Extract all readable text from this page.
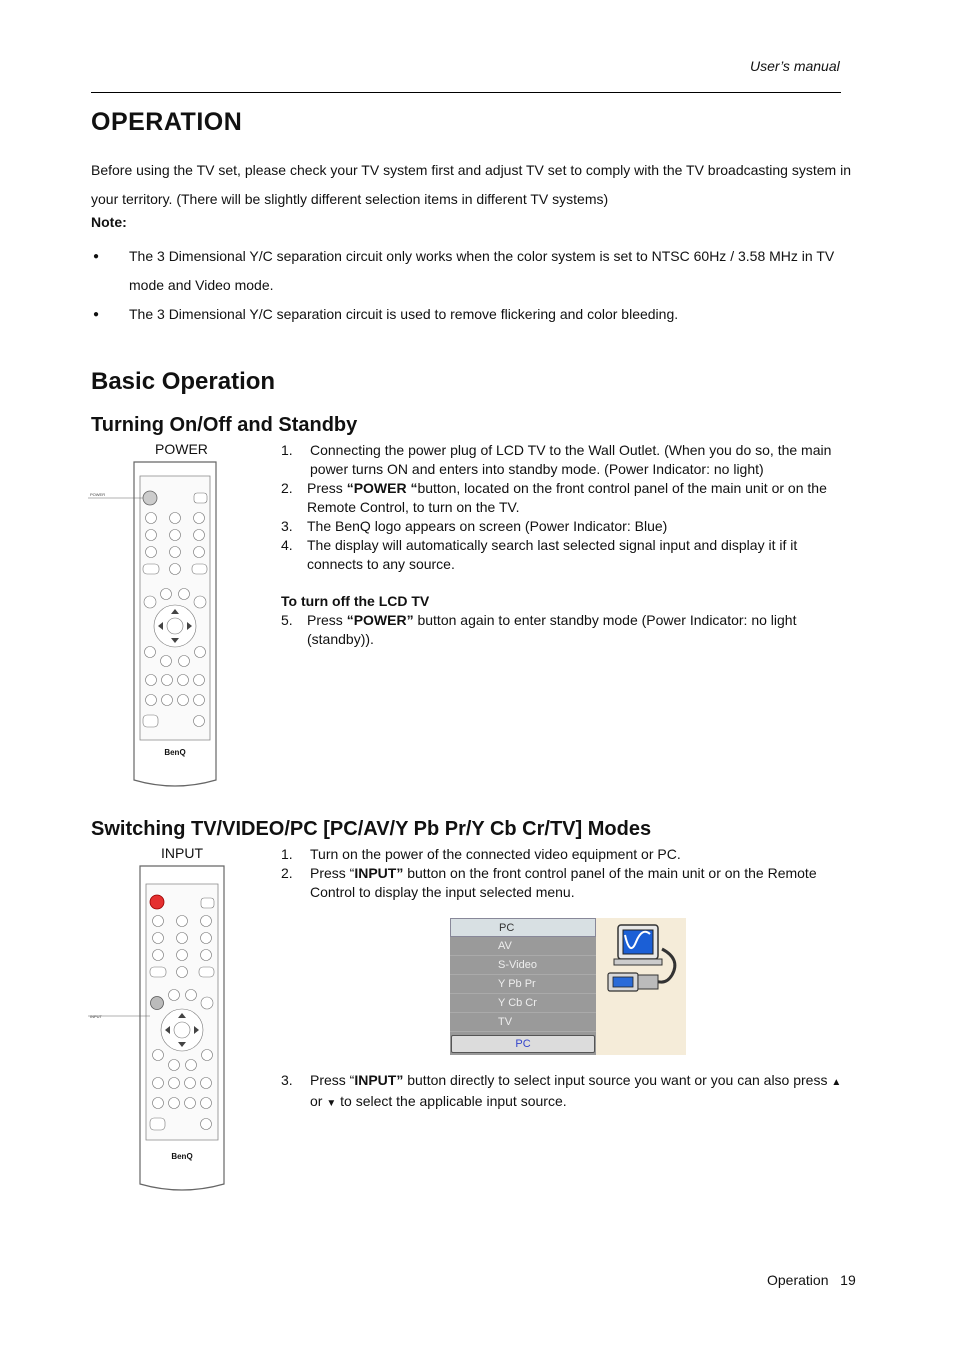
User’s manual
OPERATION
Before using the TV set, please check your TV system first and adjust TV set to comply with the TV broadcasting system in your territory. (There will be slightly different selection items in different TV systems)
Note:
● The 3 Dimensional Y/C separation circuit only works when the color system is set to NTSC 60Hz / 3.58 MHz in TV mode and Video mode.
● The 3 Dimensional Y/C separation circuit is used to remove flickering and color bleeding.
Basic Operation
Turning On/Off and Standby
POWER
POWER
BenQ
1. Connecting the power plug of LCD TV to the Wall Outlet. (When you do so, the main power turns ON and enters into standby mode. (Power Indicator: no light)
2. Press “POWER “button, located on the front control panel of the main unit or on the Remote Control, to turn on the TV.
3. The BenQ logo appears on screen (Power Indicator: Blue)
4. The display will automatically search last selected signal input and display it if it connects to any source.
To turn off the LCD TV
5. Press “POWER” button again to enter standby mode (Power Indicator: no light (standby)).
Switching TV/VIDEO/PC [PC/AV/Y Pb Pr/Y Cb Cr/TV] Modes
INPUT
INPUT
BenQ
1. Turn on the power of the connected video equipment or PC.
2. Press “INPUT” button on the front control panel of the main unit or on the Remote Control to display the input selected menu.
PC
AV
S-Video
Y Pb Pr
Y Cb Cr
TV
PC
3. Press “INPUT” button directly to select input source you want or you can also press ▲ or ▼ to select the applicable input source.
Operation 19
